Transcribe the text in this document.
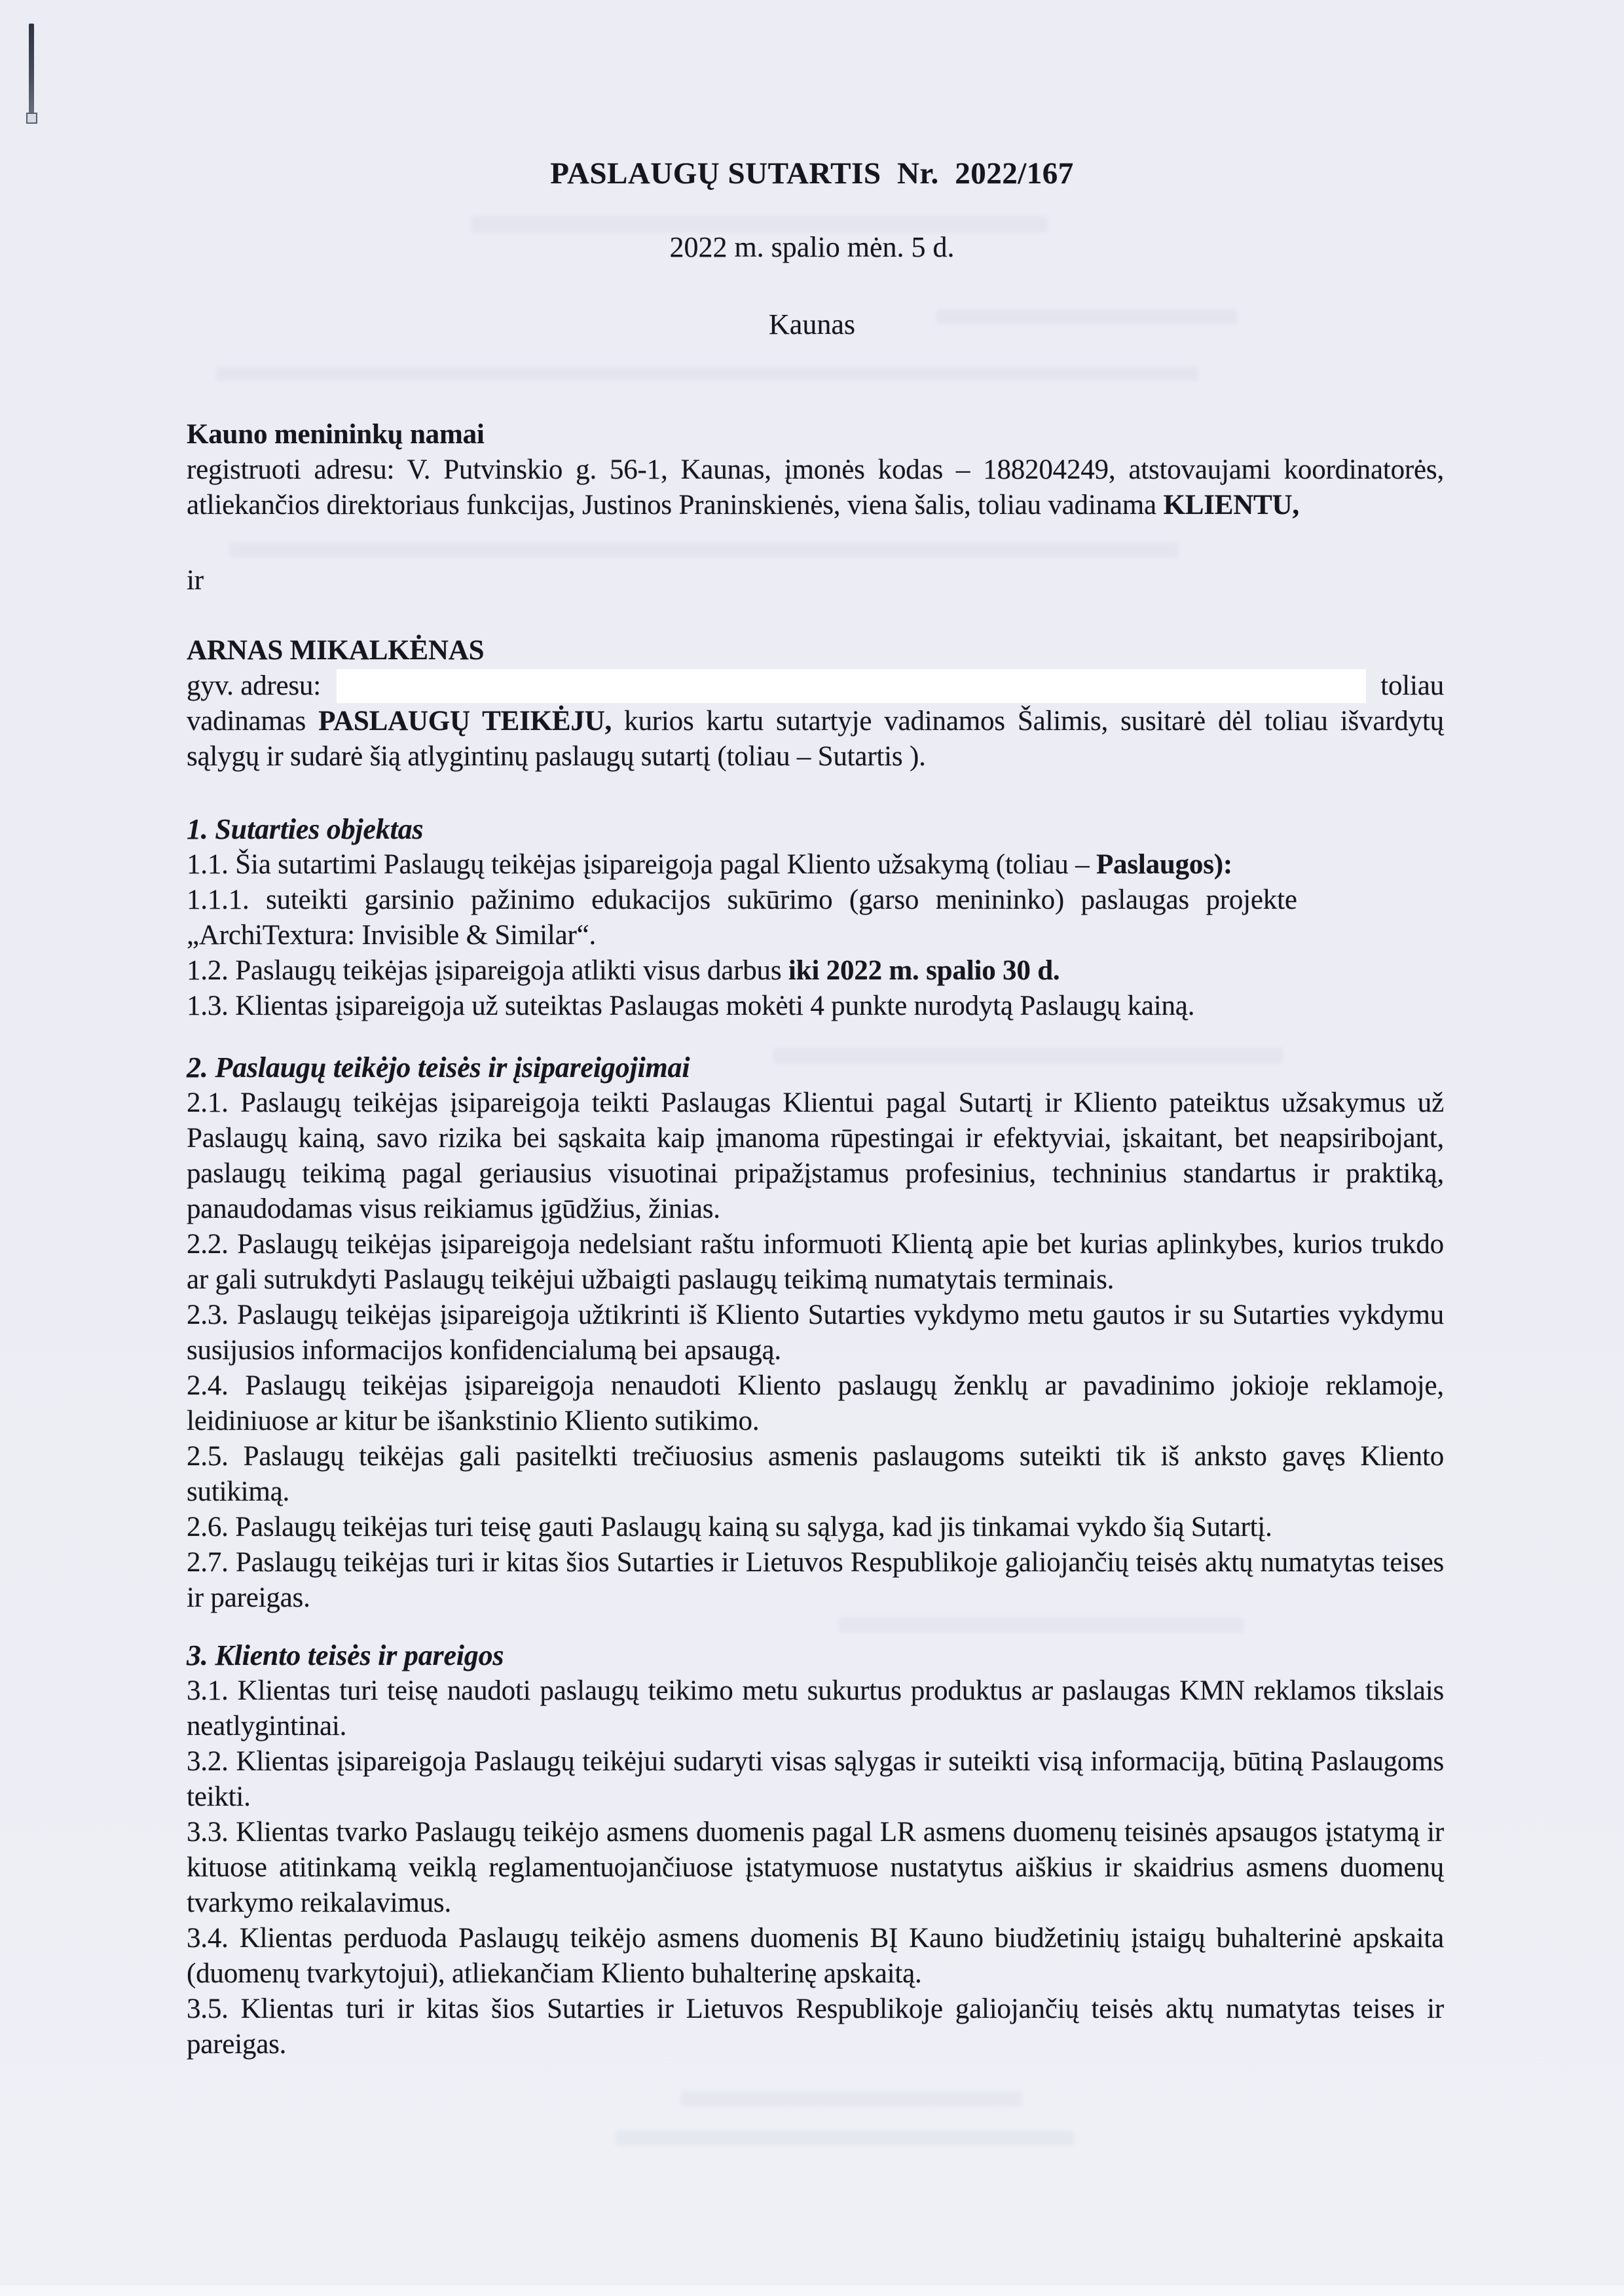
PASLAUGŲ SUTARTIS  Nr.  2022/167
2022 m. spalio mėn. 5 d.
Kaunas

Kauno menininkų namai

registruoti adresu: V. Putvinskio g. 56-1, Kaunas, įmonės kodas – 188204249, atstovaujami koordinatorės, atliekančios direktoriaus funkcijas, Justinos Praninskienės, viena šalis, toliau vadinama KLIENTU,

ir

ARNAS MIKALKĖNAS

gyv. adresu:	toliau

vadinamas PASLAUGŲ TEIKĖJU, kurios kartu sutartyje vadinamos Šalimis, susitarė dėl toliau išvardytų sąlygų ir sudarė šią atlygintinų paslaugų sutartį (toliau – Sutartis ).

1. Sutarties objektas

1.1. Šia sutartimi Paslaugų teikėjas įsipareigoja pagal Kliento užsakymą (toliau – Paslaugos):

1.1.1. suteikti garsinio pažinimo edukacijos sukūrimo (garso menininko) paslaugas projekte
„ArchiTextura: Invisible & Similar“.

1.2. Paslaugų teikėjas įsipareigoja atlikti visus darbus iki 2022 m. spalio 30 d.

1.3. Klientas įsipareigoja už suteiktas Paslaugas mokėti 4 punkte nurodytą Paslaugų kainą.

2. Paslaugų teikėjo teisės ir įsipareigojimai

2.1. Paslaugų teikėjas įsipareigoja teikti Paslaugas Klientui pagal Sutartį ir Kliento pateiktus užsakymus už Paslaugų kainą, savo rizika bei sąskaita kaip įmanoma rūpestingai ir efektyviai, įskaitant, bet neapsiribojant, paslaugų teikimą pagal geriausius visuotinai pripažįstamus profesinius, techninius standartus ir praktiką, panaudodamas visus reikiamus įgūdžius, žinias.

2.2. Paslaugų teikėjas įsipareigoja nedelsiant raštu informuoti Klientą apie bet kurias aplinkybes, kurios trukdo ar gali sutrukdyti Paslaugų teikėjui užbaigti paslaugų teikimą numatytais terminais.

2.3. Paslaugų teikėjas įsipareigoja užtikrinti iš Kliento Sutarties vykdymo metu gautos ir su Sutarties vykdymu susijusios informacijos konfidencialumą bei apsaugą.

2.4. Paslaugų teikėjas įsipareigoja nenaudoti Kliento paslaugų ženklų ar pavadinimo jokioje reklamoje, leidiniuose ar kitur be išankstinio Kliento sutikimo.

2.5. Paslaugų teikėjas gali pasitelkti trečiuosius asmenis paslaugoms suteikti tik iš anksto gavęs Kliento sutikimą.

2.6. Paslaugų teikėjas turi teisę gauti Paslaugų kainą su sąlyga, kad jis tinkamai vykdo šią Sutartį.

2.7. Paslaugų teikėjas turi ir kitas šios Sutarties ir Lietuvos Respublikoje galiojančių teisės aktų numatytas teises ir pareigas.

3. Kliento teisės ir pareigos

3.1. Klientas turi teisę naudoti paslaugų teikimo metu sukurtus produktus ar paslaugas KMN reklamos tikslais neatlygintinai.

3.2. Klientas įsipareigoja Paslaugų teikėjui sudaryti visas sąlygas ir suteikti visą informaciją, būtiną Paslaugoms teikti.

3.3. Klientas tvarko Paslaugų teikėjo asmens duomenis pagal LR asmens duomenų teisinės apsaugos įstatymą ir kituose atitinkamą veiklą reglamentuojančiuose įstatymuose nustatytus aiškius ir skaidrius asmens duomenų tvarkymo reikalavimus.

3.4. Klientas perduoda Paslaugų teikėjo asmens duomenis BĮ Kauno biudžetinių įstaigų buhalterinė apskaita (duomenų tvarkytojui), atliekančiam Kliento buhalterinę apskaitą.

3.5. Klientas turi ir kitas šios Sutarties ir Lietuvos Respublikoje galiojančių teisės aktų numatytas teises ir pareigas.
